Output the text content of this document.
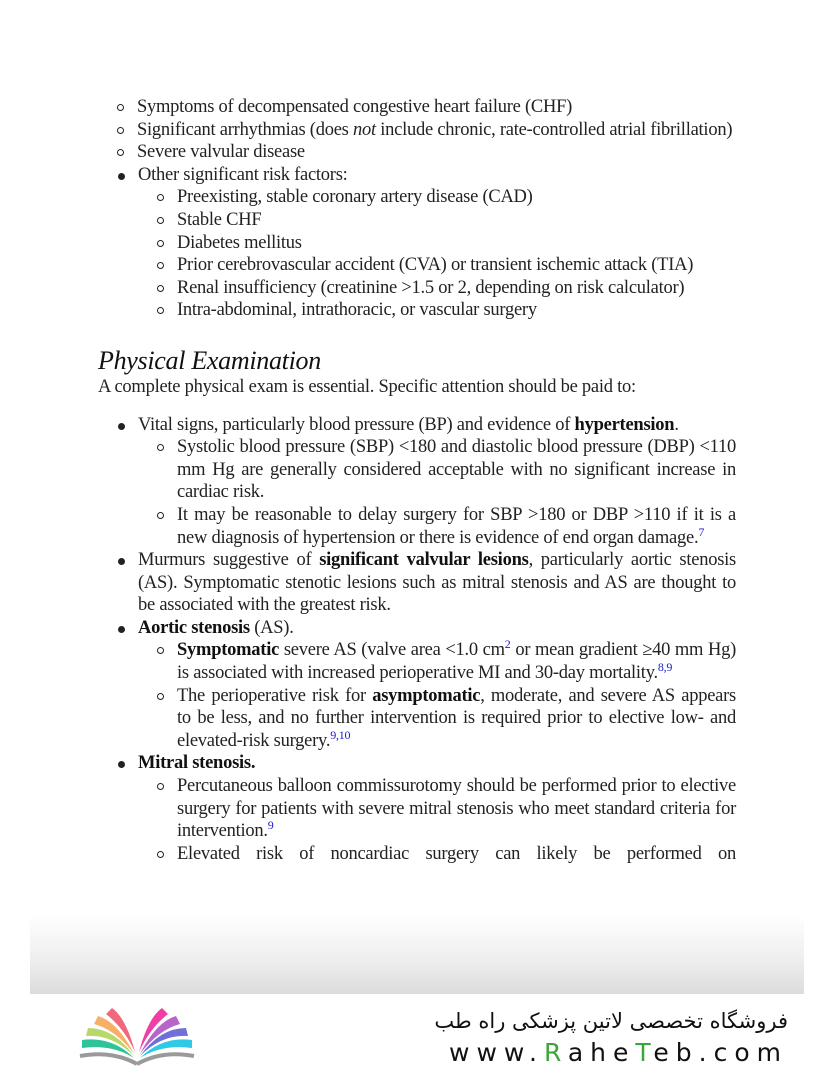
Symptoms of decompensated congestive heart failure (CHF)
Significant arrhythmias (does not include chronic, rate-controlled atrial fibrillation)
Severe valvular disease
Other significant risk factors:
Preexisting, stable coronary artery disease (CAD)
Stable CHF
Diabetes mellitus
Prior cerebrovascular accident (CVA) or transient ischemic attack (TIA)
Renal insufficiency (creatinine >1.5 or 2, depending on risk calculator)
Intra-abdominal, intrathoracic, or vascular surgery
Physical Examination

A complete physical exam is essential. Specific attention should be paid to:

Vital signs, particularly blood pressure (BP) and evidence of hypertension.
Systolic blood pressure (SBP) <180 and diastolic blood pressure (DBP) <110 mm Hg are generally considered acceptable with no significant increase in cardiac risk.
It may be reasonable to delay surgery for SBP >180 or DBP >110 if it is a new diagnosis of hypertension or there is evidence of end organ damage.$^7$
Murmurs suggestive of significant valvular lesions, particularly aortic stenosis (AS). Symptomatic stenotic lesions such as mitral stenosis and AS are thought to be associated with the greatest risk.
Aortic stenosis (AS).
Symptomatic severe AS (valve area <1.0 $cm^2$ or mean gradient ≥40 mm Hg) is associated with increased perioperative MI and 30-day mortality.$^{8,9}$
The perioperative risk for asymptomatic, moderate, and severe AS appears to be less, and no further intervention is required prior to elective low- and elevated-risk surgery.$^{9,10}$
Mitral stenosis.
Percutaneous balloon commissurotomy should be performed prior to elective surgery for patients with severe mitral stenosis who meet standard criteria for intervention.$^9$
Elevated risk of noncardiac surgery can likely be performed on
فروشگاه تخصصی لاتین پزشکی راه طب
www.RaheTeb.com
